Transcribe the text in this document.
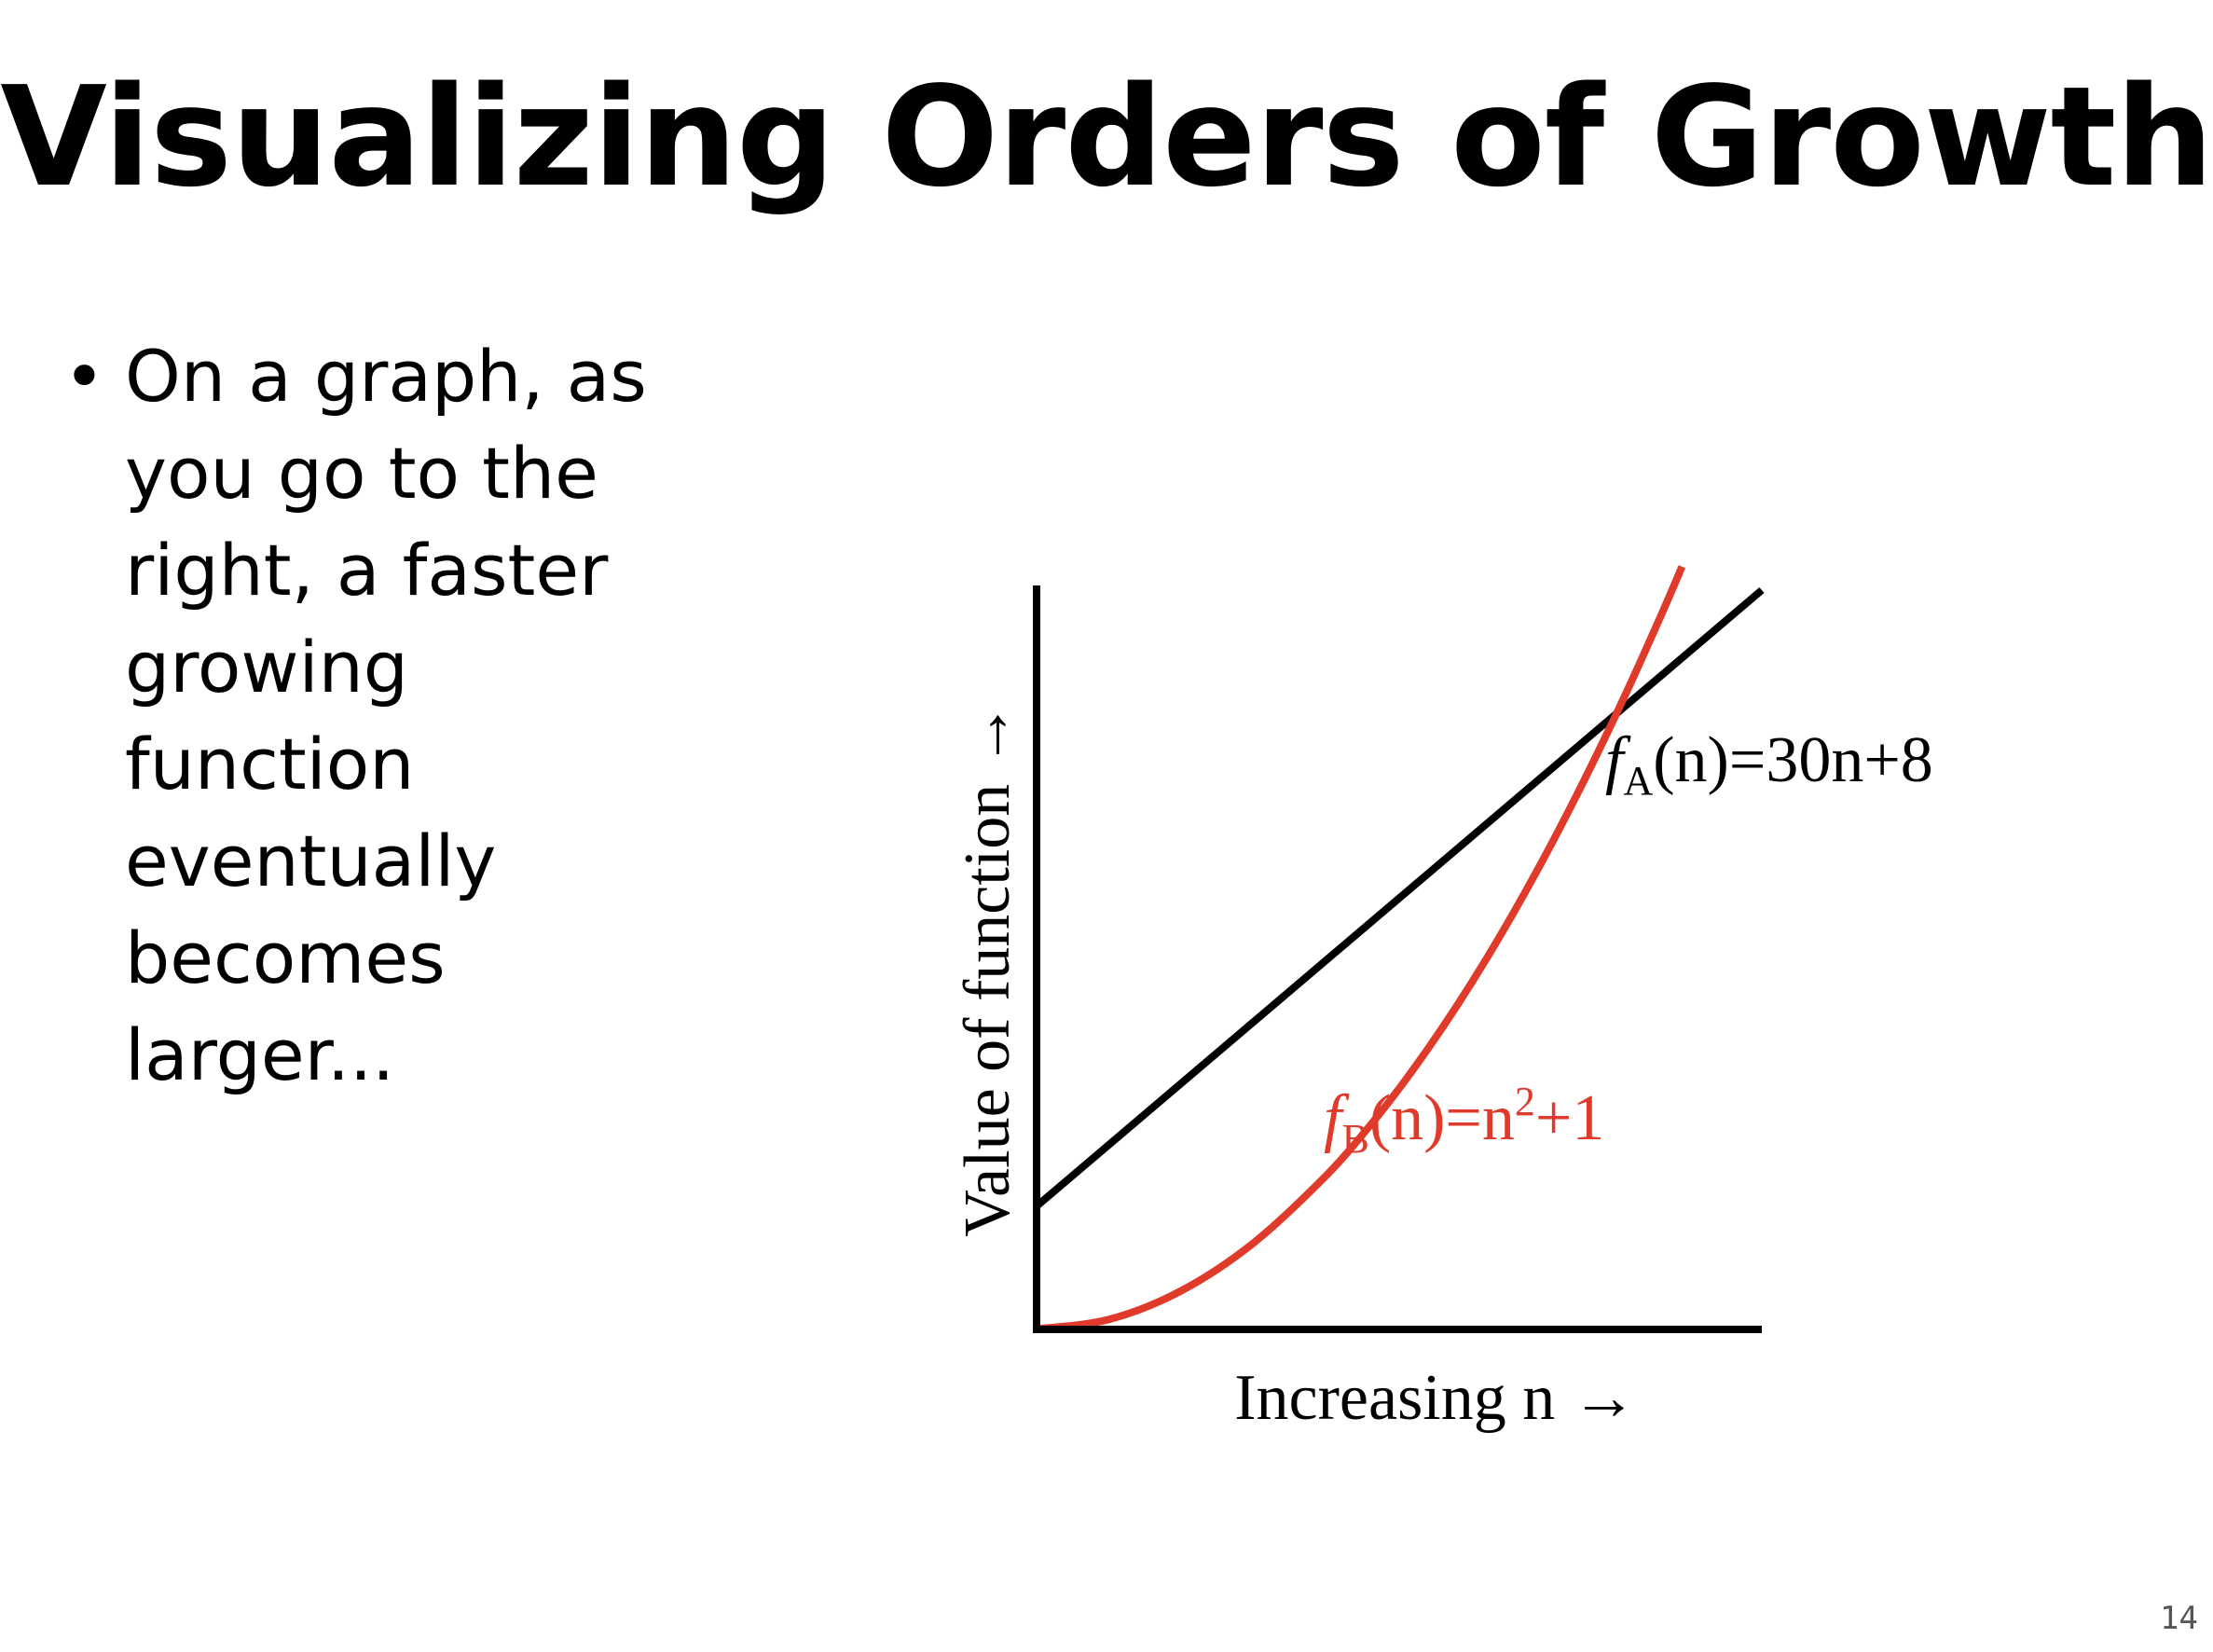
Visualizing Orders of Growth
• On a graph, as
you go to the
right, a faster
growing
function
eventually
becomes
larger...
Increasing n →
Value of function →	$f_A(n)=30n+8$
$f_B(n)=n^2+1$
14
